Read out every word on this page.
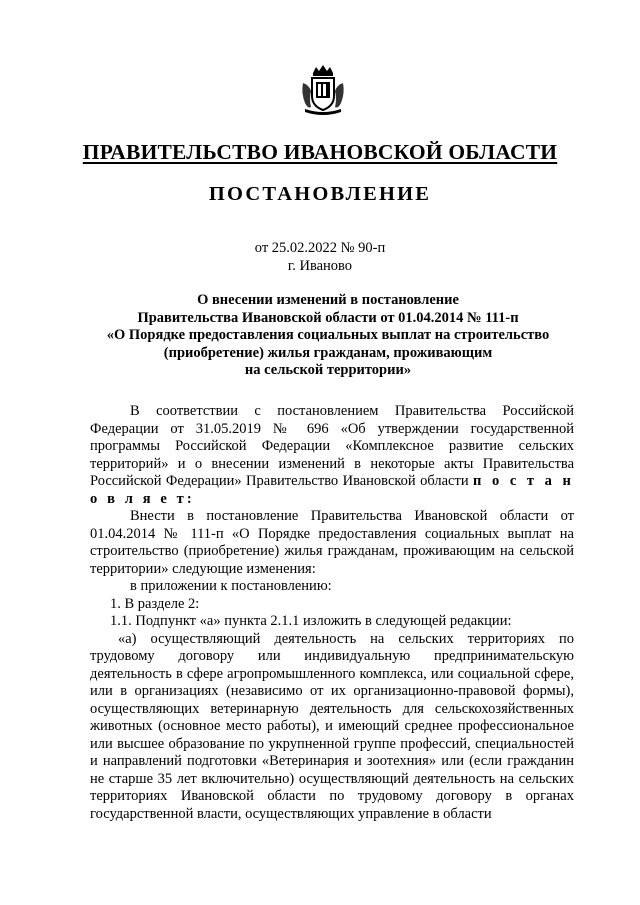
ПРАВИТЕЛЬСТВО ИВАНОВСКОЙ ОБЛАСТИ
ПОСТАНОВЛЕНИЕ
от 25.02.2022 № 90-п
г. Иваново
О внесении изменений в постановление
Правительства Ивановской области от 01.04.2014 № 111-п
«О Порядке предоставления социальных выплат на строительство
(приобретение) жилья гражданам, проживающим
на сельской территории»

В соответствии с постановлением Правительства Российской Федерации от 31.05.2019 № 696 «Об утверждении государственной программы Российской Федерации «Комплексное развитие сельских территорий» и о внесении изменений в некоторые акты Правительства Российской Федерации» Правительство Ивановской области п о с т а н о в л я е т:

Внести в постановление Правительства Ивановской области от 01.04.2014 № 111-п «О Порядке предоставления социальных выплат на строительство (приобретение) жилья гражданам, проживающим на сельской территории» следующие изменения:

в приложении к постановлению:

1. В разделе 2:

1.1. Подпункт «а» пункта 2.1.1 изложить в следующей редакции:

«а) осуществляющий деятельность на сельских территориях по трудовому договору или индивидуальную предпринимательскую деятельность в сфере агропромышленного комплекса, или социальной сфере, или в организациях (независимо от их организационно-правовой формы), осуществляющих ветеринарную деятельность для сельскохозяйственных животных (основное место работы), и имеющий среднее профессиональное или высшее образование по укрупненной группе профессий, специальностей и направлений подготовки «Ветеринария и зоотехния» или (если гражданин не старше 35 лет включительно) осуществляющий деятельность на сельских территориях Ивановской области по трудовому договору в органах государственной власти, осуществляющих управление в области
